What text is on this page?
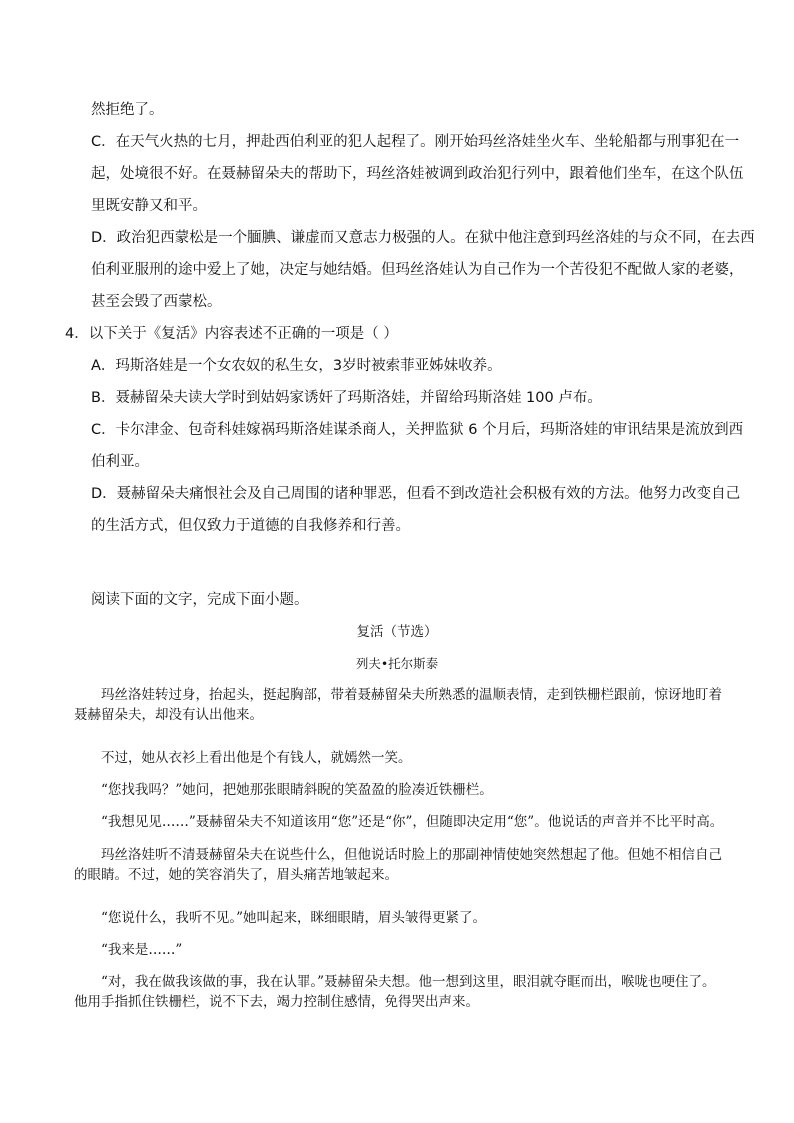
然拒绝了。
C．在天气火热的七月，押赴西伯利亚的犯人起程了。刚开始玛丝洛娃坐火车、坐轮船都与刑事犯在一
起，处境很不好。在聂赫留朵夫的帮助下，玛丝洛娃被调到政治犯行列中，跟着他们坐车，在这个队伍
里既安静又和平。
D．政治犯西蒙松是一个腼腆、谦虚而又意志力极强的人。在狱中他注意到玛丝洛娃的与众不同，在去西
伯利亚服刑的途中爱上了她，决定与她结婚。但玛丝洛娃认为自己作为一个苦役犯不配做人家的老婆，
甚至会毁了西蒙松。
4．以下关于《复活》内容表述不正确的一项是（ ）
A．玛斯洛娃是一个女农奴的私生女，3岁时被索菲亚姊妹收养。
B．聂赫留朵夫读大学时到姑妈家诱奸了玛斯洛娃，并留给玛斯洛娃 100 卢布。
C．卡尔津金、包奇科娃嫁祸玛斯洛娃谋杀商人，关押监狱 6 个月后，玛斯洛娃的审讯结果是流放到西
伯利亚。
D．聂赫留朵夫痛恨社会及自己周围的诸种罪恶，但看不到改造社会积极有效的方法。他努力改变自己
的生活方式，但仅致力于道德的自我修养和行善。
阅读下面的文字，完成下面小题。
复活（节选）
列夫•托尔斯泰
玛丝洛娃转过身，抬起头，挺起胸部，带着聂赫留朵夫所熟悉的温顺表情，走到铁栅栏跟前，惊讶地盯着聂赫留朵夫，却没有认出他来。
不过，她从衣衫上看出他是个有钱人，就嫣然一笑。
“您找我吗？”她问，把她那张眼睛斜睨的笑盈盈的脸凑近铁栅栏。
“我想见见……”聂赫留朵夫不知道该用“您”还是“你”，但随即决定用“您”。他说话的声音并不比平时高。
玛丝洛娃听不清聂赫留朵夫在说些什么，但他说话时脸上的那副神情使她突然想起了他。但她不相信自己的眼睛。不过，她的笑容消失了，眉头痛苦地皱起来。
“您说什么，我听不见。”她叫起来，眯细眼睛，眉头皱得更紧了。
“我来是……”
“对，我在做我该做的事，我在认罪。”聂赫留朵夫想。他一想到这里，眼泪就夺眶而出，喉咙也哽住了。他用手指抓住铁栅栏，说不下去，竭力控制住感情，免得哭出声来。
